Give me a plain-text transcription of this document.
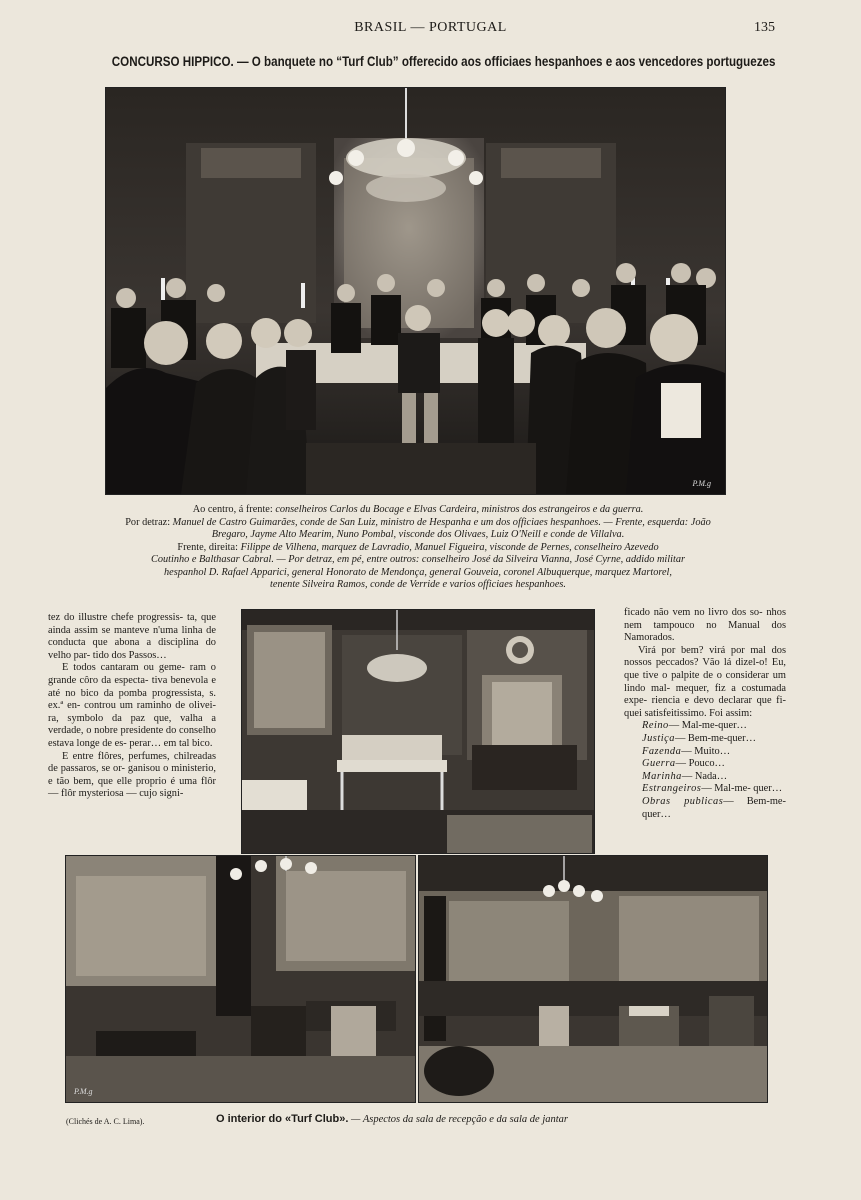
BRASIL — PORTUGAL	135
CONCURSO HIPPICO. — O banquete no “Turf Club” offerecido aos officiaes hespanhoes e aos vencedores portuguezes
P.M.g
Ao centro, á frente: conselheiros Carlos du Bocage e Elvas Cardeira, ministros dos estrangeiros e da guerra.
Por detraz: Manuel de Castro Guimarães, conde de San Luiz, ministro de Hespanha e um dos officiaes hespanhoes. — Frente, esquerda: João
Bregaro, Jayme Alto Mearim, Nuno Pombal, visconde dos Olivaes, Luiz O'Neill e conde de Villalva.
Frente, direita: Filippe de Vilhena, marquez de Lavradio, Manuel Figueira, visconde de Pernes, conselheiro Azevedo
Coutinho e Balthasar Cabral. — Por detraz, em pé, entre outros: conselheiro José da Silveira Vianna, José Cyrne, addido militar
hespanhol D. Rafael Apparici, general Honorato de Mendonça, general Gouveia, coronel Albuquerque, marquez Martorel,
tenente Silveira Ramos, conde de Verride e varios officiaes hespanhoes.

tez do illustre chefe progressis- ta, que ainda assim se manteve n'uma linha de conducta que abona a disciplina do velho par- tido dos Passos…

E todos cantaram ou geme- ram o grande côro da especta- tiva benevola e até no bico da pomba progressista, s. ex.ª en- controu um raminho de olivei- ra, symbolo da paz que, valha a verdade, o nobre presidente do conselho estava longe de es- perar… em tal bico.

E entre flôres, perfumes, chilreadas de passaros, se or- ganisou o ministerio, e tão bem, que elle proprio é uma flôr — flôr mysteriosa — cujo signi-

ficado não vem no livro dos so- nhos nem tampouco no Manual dos Namorados.

Virá por bem? virá por mal dos nossos peccados? Vão lá dizel-o! Eu, que tive o palpite de o considerar um lindo mal- mequer, fiz a costumada expe- riencia e devo declarar que fi- quei satisfeitissimo. Foi assim:

Reino— Mal-me-quer…
Justiça— Bem-me-quer…
Fazenda— Muito…
Guerra— Pouco…
Marinha— Nada…
Estrangeiros— Mal-me- quer…
Obras publicas— Bem-me- quer…
P.M.g
(Clichés de A. C. Lima).	O interior do «Turf Club». — Aspectos da sala de recepção e da sala de jantar
